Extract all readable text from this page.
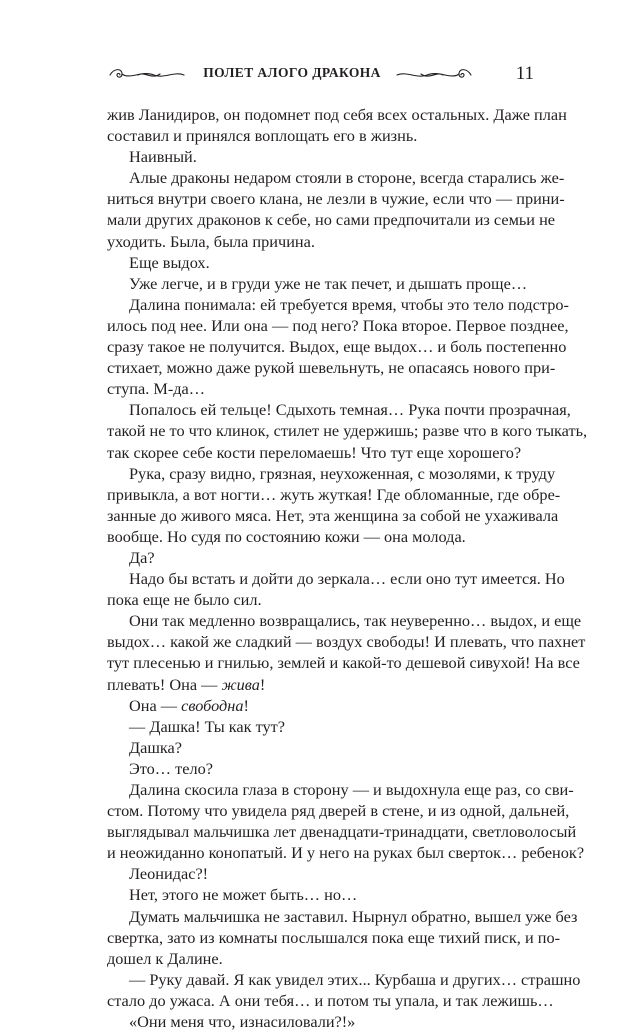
ПОЛЕТ АЛОГО ДРАКОНА	11
жив Ланидиров, он подомнет под себя всех остальных. Даже план
составил и принялся воплощать его в жизнь.
Наивный.
Алые драконы недаром стояли в стороне, всегда старались же-
ниться внутри своего клана, не лезли в чужие, если что — прини-
мали других драконов к себе, но сами предпочитали из семьи не
уходить. Была, была причина.
Еще выдох.
Уже легче, и в груди уже не так печет, и дышать проще…
Далина понимала: ей требуется время, чтобы это тело подстро-
илось под нее. Или она — под него? Пока второе. Первое позднее,
сразу такое не получится. Выдох, еще выдох… и боль постепенно
стихает, можно даже рукой шевельнуть, не опасаясь нового при-
ступа. М-да…
Попалось ей тельце! Сдыхоть темная… Рука почти прозрачная,
такой не то что клинок, стилет не удержишь; разве что в кого тыкать,
так скорее себе кости переломаешь! Что тут еще хорошего?
Рука, сразу видно, грязная, неухоженная, с мозолями, к труду
привыкла, а вот ногти… жуть жуткая! Где обломанные, где обре-
занные до живого мяса. Нет, эта женщина за собой не ухаживала
вообще. Но судя по состоянию кожи — она молода.
Да?
Надо бы встать и дойти до зеркала… если оно тут имеется. Но
пока еще не было сил.
Они так медленно возвращались, так неуверенно… выдох, и еще
выдох… какой же сладкий — воздух свободы! И плевать, что пахнет
тут плесенью и гнилью, землей и какой-то дешевой сивухой! На все
плевать! Она — жива!
Она — свободна!
— Дашка! Ты как тут?
Дашка?
Это… тело?
Далина скосила глаза в сторону — и выдохнула еще раз, со сви-
стом. Потому что увидела ряд дверей в стене, и из одной, дальней,
выглядывал мальчишка лет двенадцати-тринадцати, светловолосый
и неожиданно конопатый. И у него на руках был сверток… ребенок?
Леонидас?!
Нет, этого не может быть… но…
Думать мальчишка не заставил. Нырнул обратно, вышел уже без
свертка, зато из комнаты послышался пока еще тихий писк, и по-
дошел к Далине.
— Руку давай. Я как увидел этих... Курбаша и других… страшно
стало до ужаса. А они тебя… и потом ты упала, и так лежишь…
«Они меня что, изнасиловали?!»
